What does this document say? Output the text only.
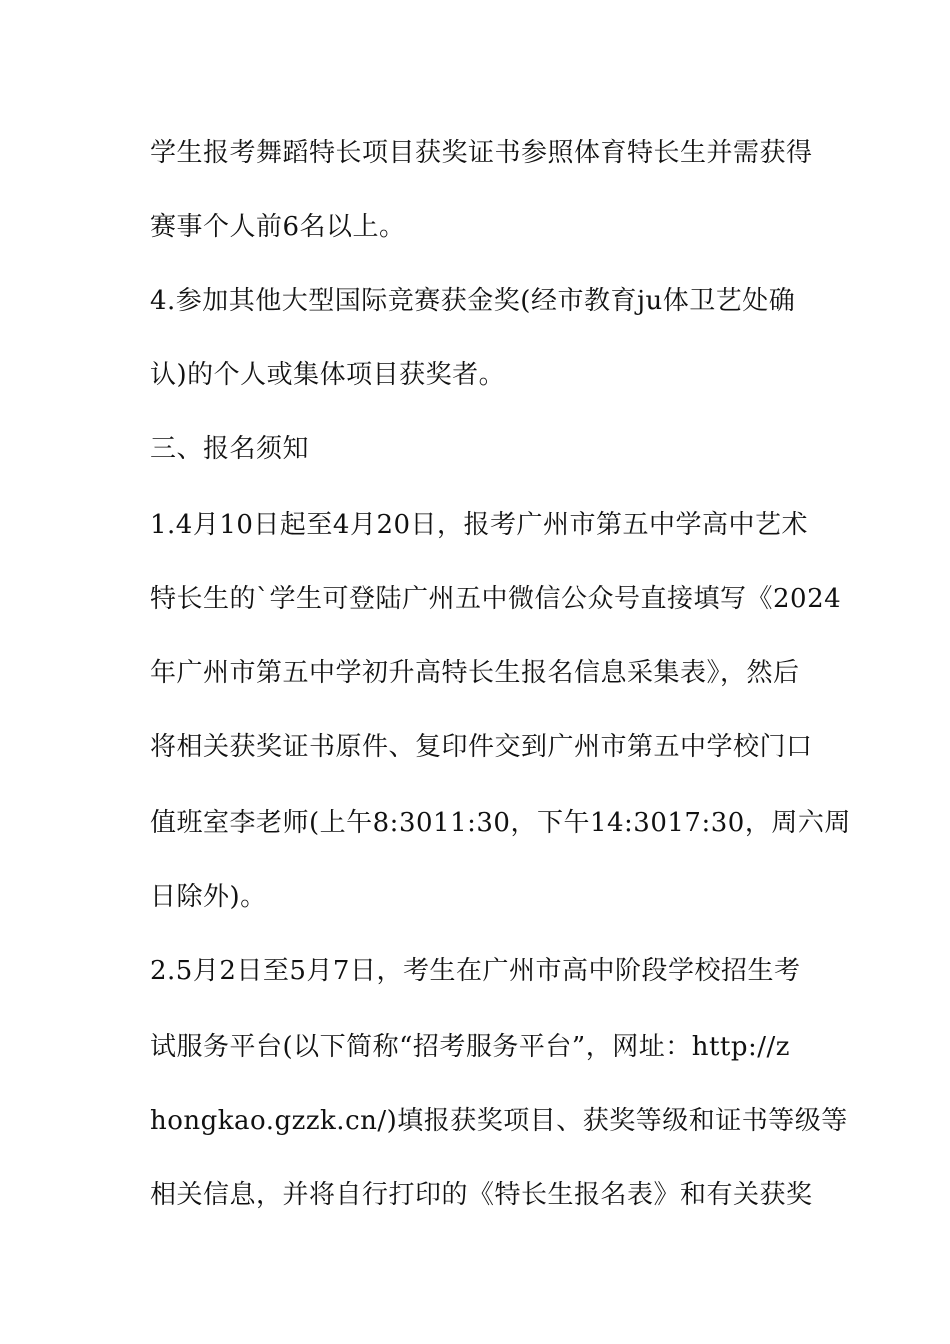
学生报考舞蹈特长项目获奖证书参照体育特长生并需获得
赛事个人前6名以上。
4.参加其他大型国际竞赛获金奖(经市教育ju体卫艺处确
认)的个人或集体项目获奖者。
三、报名须知
1.4月10日起至4月20日，报考广州市第五中学高中艺术
特长生的`学生可登陆广州五中微信公众号直接填写《2024
年广州市第五中学初升高特长生报名信息采集表》，然后
将相关获奖证书原件、复印件交到广州市第五中学校门口
值班室李老师(上午8:3011:30，下午14:3017:30，周六周
日除外)。
2.5月2日至5月7日，考生在广州市高中阶段学校招生考
试服务平台(以下简称“招考服务平台”，网址：http://z
hongkao.gzzk.cn/)填报获奖项目、获奖等级和证书等级等
相关信息，并将自行打印的《特长生报名表》和有关获奖
